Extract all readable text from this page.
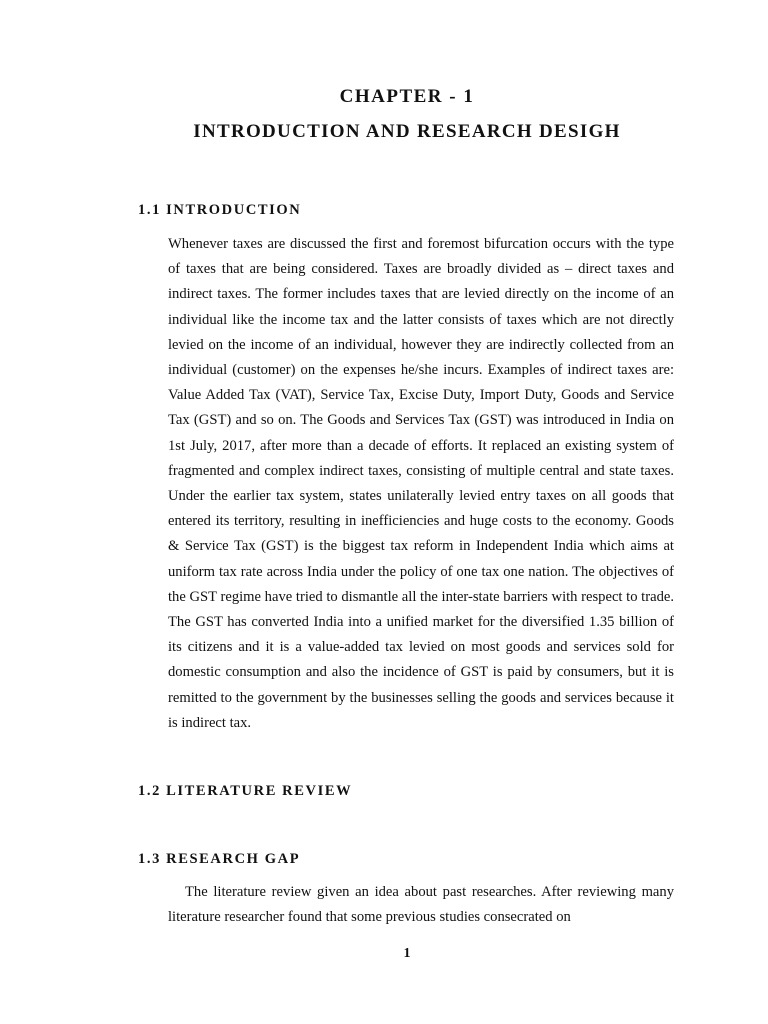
CHAPTER - 1
INTRODUCTION AND RESEARCH DESIGH
1.1 INTRODUCTION

Whenever taxes are discussed the first and foremost bifurcation occurs with the type of taxes that are being considered. Taxes are broadly divided as – direct taxes and indirect taxes. The former includes taxes that are levied directly on the income of an individual like the income tax and the latter consists of taxes which are not directly levied on the income of an individual, however they are indirectly collected from an individual (customer) on the expenses he/she incurs. Examples of indirect taxes are: Value Added Tax (VAT), Service Tax, Excise Duty, Import Duty, Goods and Service Tax (GST) and so on. The Goods and Services Tax (GST) was introduced in India on 1st July, 2017, after more than a decade of efforts. It replaced an existing system of fragmented and complex indirect taxes, consisting of multiple central and state taxes. Under the earlier tax system, states unilaterally levied entry taxes on all goods that entered its territory, resulting in inefficiencies and huge costs to the economy. Goods & Service Tax (GST) is the biggest tax reform in Independent India which aims at uniform tax rate across India under the policy of one tax one nation. The objectives of the GST regime have tried to dismantle all the inter-state barriers with respect to trade. The GST has converted India into a unified market for the diversified 1.35 billion of its citizens and it is a value-added tax levied on most goods and services sold for domestic consumption and also the incidence of GST is paid by consumers, but it is remitted to the government by the businesses selling the goods and services because it is indirect tax.

1.2 LITERATURE REVIEW
1.3 RESEARCH GAP

The literature review given an idea about past researches. After reviewing many literature researcher found that some previous studies consecrated on

1
